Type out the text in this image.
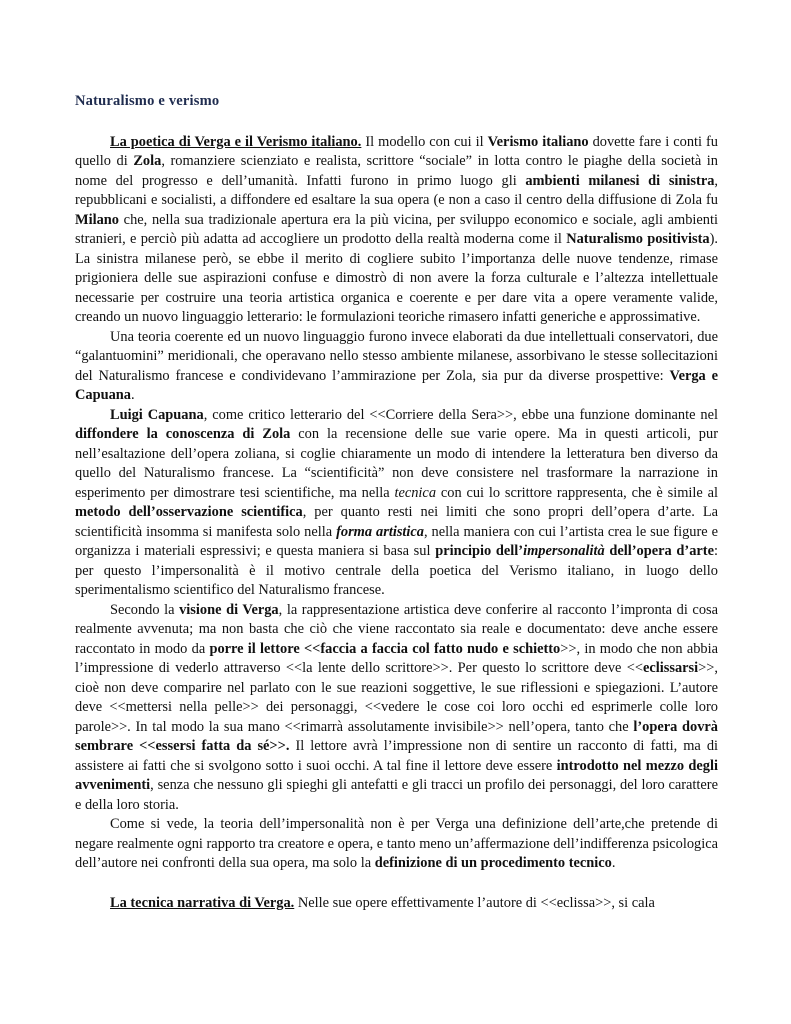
Naturalismo e verismo

La poetica di Verga e il Verismo italiano. Il modello con cui il Verismo italiano dovette fare i conti fu quello di Zola, romanziere scienziato e realista, scrittore “sociale” in lotta contro le piaghe della società in nome del progresso e dell’umanità. Infatti furono in primo luogo gli ambienti milanesi di sinistra, repubblicani e socialisti, a diffondere ed esaltare la sua opera (e non a caso il centro della diffusione di Zola fu Milano che, nella sua tradizionale apertura era la più vicina, per sviluppo economico e sociale, agli ambienti stranieri, e perciò più adatta ad accogliere un prodotto della realtà moderna come il Naturalismo positivista). La sinistra milanese però, se ebbe il merito di cogliere subito l’importanza delle nuove tendenze, rimase prigioniera delle sue aspirazioni confuse e dimostrò di non avere la forza culturale e l’altezza intellettuale necessarie per costruire una teoria artistica organica e coerente e per dare vita a opere veramente valide, creando un nuovo linguaggio letterario: le formulazioni teoriche rimasero infatti generiche e approssimative.

Una teoria coerente ed un nuovo linguaggio furono invece elaborati da due intellettuali conservatori, due “galantuomini” meridionali, che operavano nello stesso ambiente milanese, assorbivano le stesse sollecitazioni del Naturalismo francese e condividevano l’ammirazione per Zola, sia pur da diverse prospettive: Verga e Capuana.

Luigi Capuana, come critico letterario del <<Corriere della Sera>>, ebbe una funzione dominante nel diffondere la conoscenza di Zola con la recensione delle sue varie opere. Ma in questi articoli, pur nell’esaltazione dell’opera zoliana, si coglie chiaramente un modo di intendere la letteratura ben diverso da quello del Naturalismo francese. La “scientificità” non deve consistere nel trasformare la narrazione in esperimento per dimostrare tesi scientifiche, ma nella tecnica con cui lo scrittore rappresenta, che è simile al metodo dell’osservazione scientifica, per quanto resti nei limiti che sono propri dell’opera d’arte. La scientificità insomma si manifesta solo nella forma artistica, nella maniera con cui l’artista crea le sue figure e organizza i materiali espressivi; e questa maniera si basa sul principio dell’impersonalità dell’opera d’arte: per questo l’impersonalità è il motivo centrale della poetica del Verismo italiano, in luogo dello sperimentalismo scientifico del Naturalismo francese.

Secondo la visione di Verga, la rappresentazione artistica deve conferire al racconto l’impronta di cosa realmente avvenuta; ma non basta che ciò che viene raccontato sia reale e documentato: deve anche essere raccontato in modo da porre il lettore <<faccia a faccia col fatto nudo e schietto>>, in modo che non abbia l’impressione di vederlo attraverso <<la lente dello scrittore>>. Per questo lo scrittore deve <<eclissarsi>>, cioè non deve comparire nel parlato con le sue reazioni soggettive, le sue riflessioni e spiegazioni. L’autore deve <<mettersi nella pelle>> dei personaggi, <<vedere le cose coi loro occhi ed esprimerle colle loro parole>>. In tal modo la sua mano <<rimarrà assolutamente invisibile>> nell’opera, tanto che l’opera dovrà sembrare <<essersi fatta da sé>>. Il lettore avrà l’impressione non di sentire un racconto di fatti, ma di assistere ai fatti che si svolgono sotto i suoi occhi. A tal fine il lettore deve essere introdotto nel mezzo degli avvenimenti, senza che nessuno gli spieghi gli antefatti e gli tracci un profilo dei personaggi, del loro carattere e della loro storia.

Come si vede, la teoria dell’impersonalità non è per Verga una definizione dell’arte,che pretende di negare realmente ogni rapporto tra creatore e opera, e tanto meno un’affermazione dell’indifferenza psicologica dell’autore nei confronti della sua opera, ma solo la definizione di un procedimento tecnico.

La tecnica narrativa di Verga. Nelle sue opere effettivamente l’autore di <<eclissa>>, si cala
